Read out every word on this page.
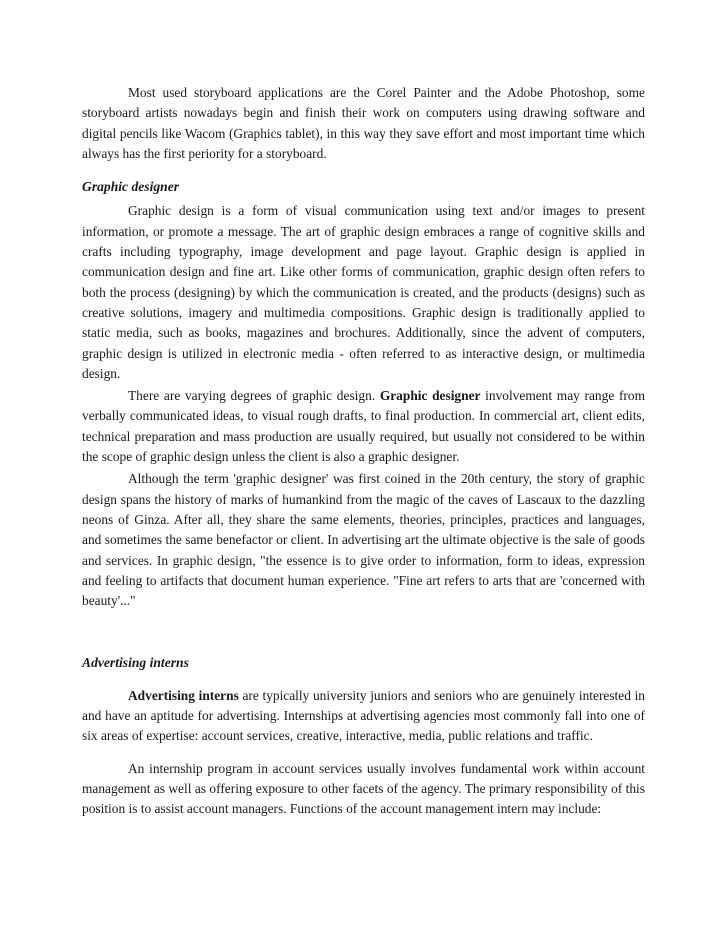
Most used storyboard applications are the Corel Painter and the Adobe Photoshop, some storyboard artists nowadays begin and finish their work on computers using drawing software and digital pencils like Wacom (Graphics tablet), in this way they save effort and most important time which always has the first periority for a storyboard.

Graphic designer

Graphic design is a form of visual communication using text and/or images to present information, or promote a message. The art of graphic design embraces a range of cognitive skills and crafts including typography, image development and page layout. Graphic design is applied in communication design and fine art. Like other forms of communication, graphic design often refers to both the process (designing) by which the communication is created, and the products (designs) such as creative solutions, imagery and multimedia compositions. Graphic design is traditionally applied to static media, such as books, magazines and brochures. Additionally, since the advent of computers, graphic design is utilized in electronic media - often referred to as interactive design, or multimedia design.

There are varying degrees of graphic design. Graphic designer involvement may range from verbally communicated ideas, to visual rough drafts, to final production. In commercial art, client edits, technical preparation and mass production are usually required, but usually not considered to be within the scope of graphic design unless the client is also a graphic designer.

Although the term 'graphic designer' was first coined in the 20th century, the story of graphic design spans the history of marks of humankind from the magic of the caves of Lascaux to the dazzling neons of Ginza. After all, they share the same elements, theories, principles, practices and languages, and sometimes the same benefactor or client. In advertising art the ultimate objective is the sale of goods and services. In graphic design, "the essence is to give order to information, form to ideas, expression and feeling to artifacts that document human experience. "Fine art refers to arts that are 'concerned with beauty'..."

Advertising interns

Advertising interns are typically university juniors and seniors who are genuinely interested in and have an aptitude for advertising. Internships at advertising agencies most commonly fall into one of six areas of expertise: account services, creative, interactive, media, public relations and traffic.

An internship program in account services usually involves fundamental work within account management as well as offering exposure to other facets of the agency. The primary responsibility of this position is to assist account managers. Functions of the account management intern may include:
